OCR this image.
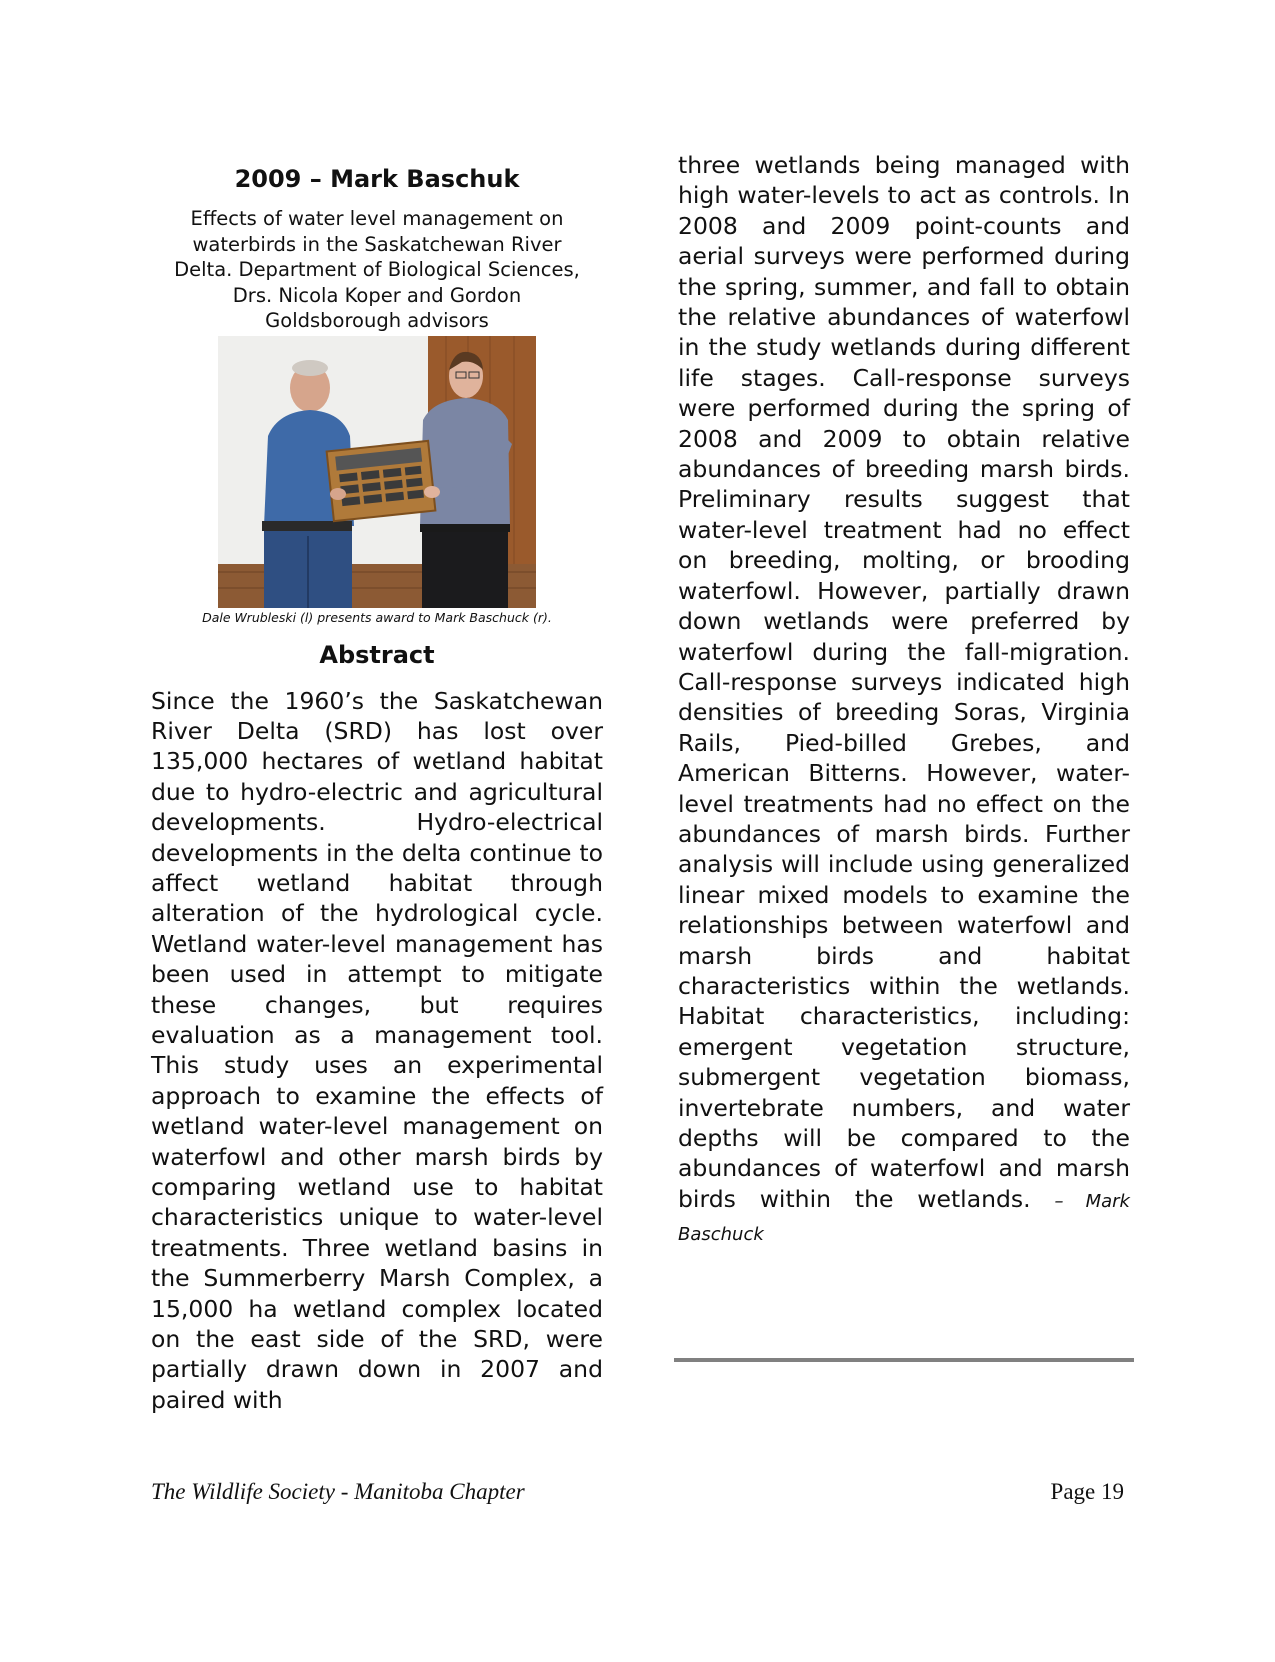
2009 – Mark Baschuk
Effects of water level management on waterbirds in the Saskatchewan River Delta. Department of Biological Sciences, Drs. Nicola Koper and Gordon Goldsborough advisors
Dale Wrubleski (l) presents award to Mark Baschuck (r).
Abstract

Since the 1960’s the Saskatchewan River Delta (SRD) has lost over 135,000 hectares of wetland habitat due to hydro-electric and agricultural developments. Hydro-electrical developments in the delta continue to affect wetland habitat through alteration of the hydrological cycle. Wetland water-level management has been used in attempt to mitigate these changes, but requires evaluation as a management tool. This study uses an experimental approach to examine the effects of wetland water-level management on waterfowl and other marsh birds by comparing wetland use to habitat characteristics unique to water-level treatments. Three wetland basins in the Summerberry Marsh Complex, a 15,000 ha wetland complex located on the east side of the SRD, were partially drawn down in 2007 and paired with

three wetlands being managed with high water-levels to act as controls. In 2008 and 2009 point-counts and aerial surveys were performed during the spring, summer, and fall to obtain the relative abundances of waterfowl in the study wetlands during different life stages. Call-response surveys were performed during the spring of 2008 and 2009 to obtain relative abundances of breeding marsh birds. Preliminary results suggest that water-level treatment had no effect on breeding, molting, or brooding waterfowl. However, partially drawn down wetlands were preferred by waterfowl during the fall-migration. Call-response surveys indicated high densities of breeding Soras, Virginia Rails, Pied-billed Grebes, and American Bitterns. However, water-level treatments had no effect on the abundances of marsh birds. Further analysis will include using generalized linear mixed models to examine the relationships between waterfowl and marsh birds and habitat characteristics within the wetlands. Habitat characteristics, including: emergent vegetation structure, submergent vegetation biomass, invertebrate numbers, and water depths will be compared to the abundances of waterfowl and marsh birds within the wetlands. – Mark Baschuck

The Wildlife Society - Manitoba Chapter	Page 19
